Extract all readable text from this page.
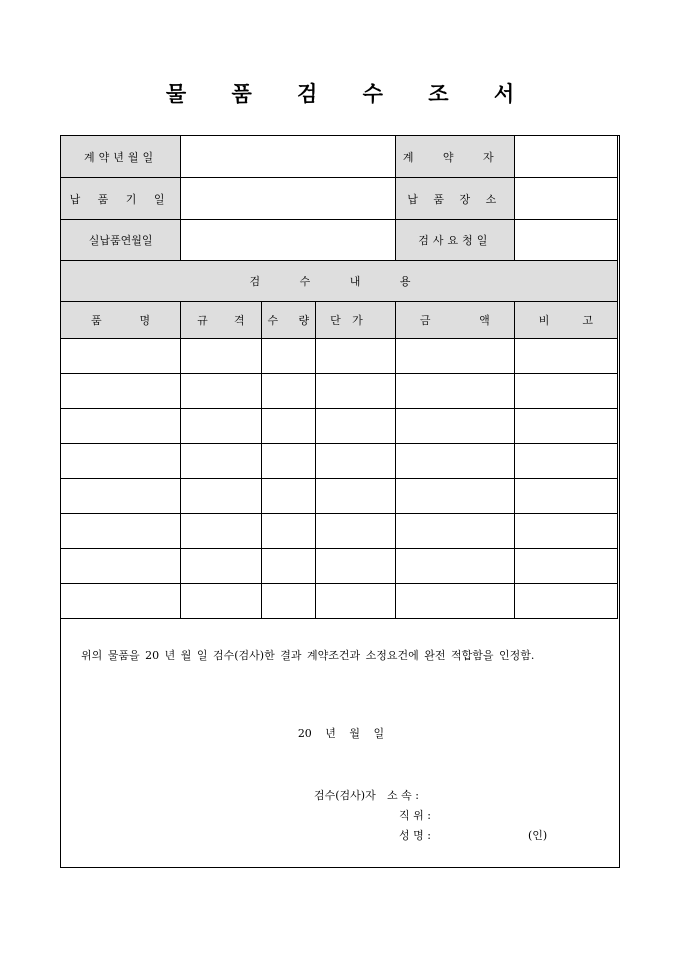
물 품 검 수 조 서
계약년월일				계 약 자	
납 품 기 일				납 품 장 소	
실납품연월일				검사요청일	
검 수 내 용					

품 명	규 격	수 량	단 가	금 액	비 고

위의 물품을 20 년 월 일 검수(검사)한 결과 계약조건과 소정요건에 완전 적합함을 인정함.
20 년 월 일
검수(검사)자 소 속 :
직 위 :
성 명 :	(인)
